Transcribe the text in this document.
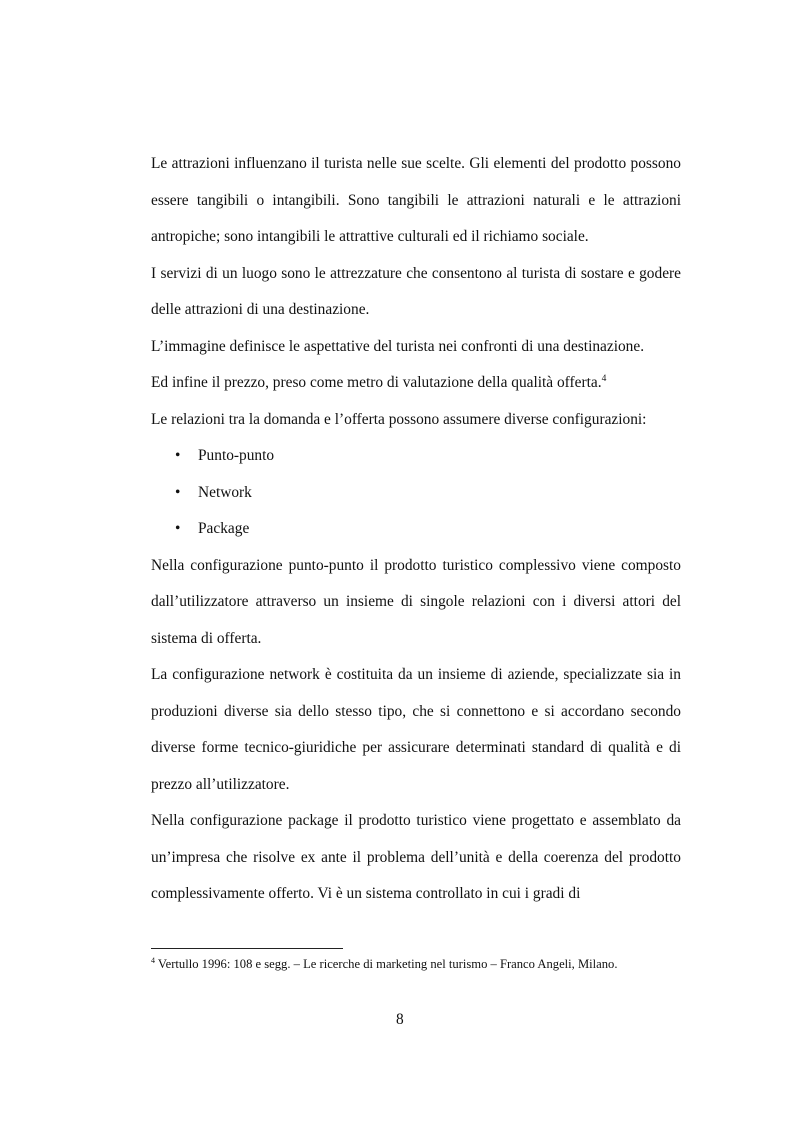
Le attrazioni influenzano il turista nelle sue scelte. Gli elementi del prodotto possono essere tangibili o intangibili. Sono tangibili le attrazioni naturali e le attrazioni antropiche; sono intangibili le attrattive culturali ed il richiamo sociale.

I servizi di un luogo sono le attrezzature che consentono al turista di sostare e godere delle attrazioni di una destinazione.

L’immagine definisce le aspettative del turista nei confronti di una destinazione.

Ed infine il prezzo, preso come metro di valutazione della qualità offerta.$^4$

Le relazioni tra la domanda e l’offerta possono assumere diverse configurazioni:

• Punto-punto
• Network
• Package

Nella configurazione punto-punto il prodotto turistico complessivo viene composto dall’utilizzatore attraverso un insieme di singole relazioni con i diversi attori del sistema di offerta.

La configurazione network è costituita da un insieme di aziende, specializzate sia in produzioni diverse sia dello stesso tipo, che si connettono e si accordano secondo diverse forme tecnico-giuridiche per assicurare determinati standard di qualità e di prezzo all’utilizzatore.

Nella configurazione package il prodotto turistico viene progettato e assemblato da un’impresa che risolve ex ante il problema dell’unità e della coerenza del prodotto complessivamente offerto. Vi è un sistema controllato in cui i gradi di

$^4$ Vertullo 1996: 108 e segg. – Le ricerche di marketing nel turismo – Franco Angeli, Milano.
8
